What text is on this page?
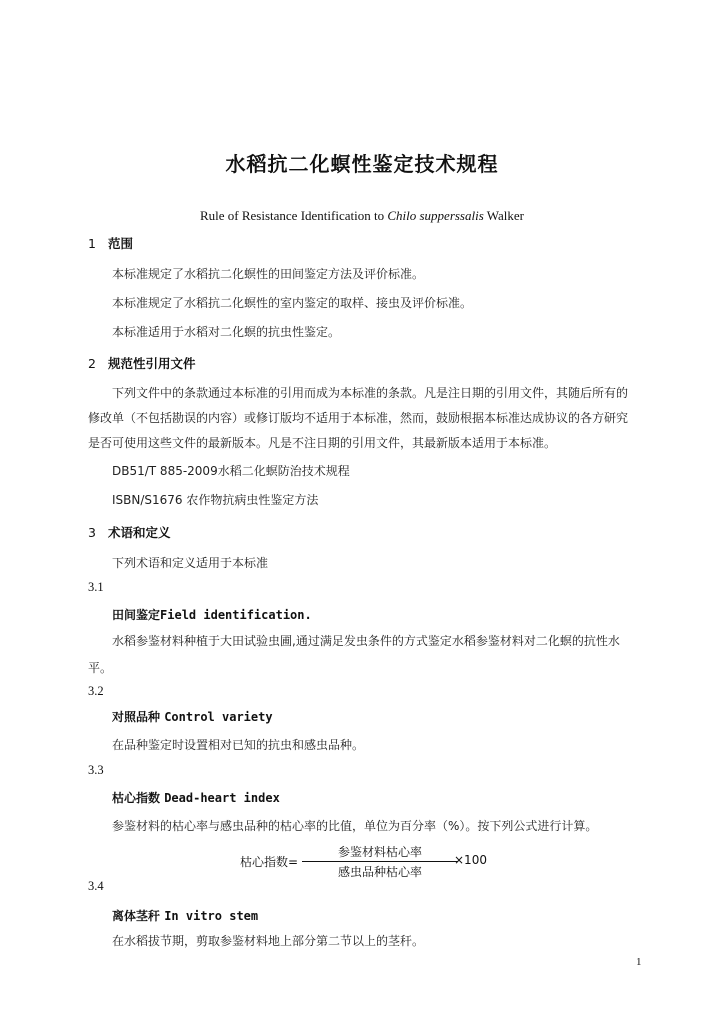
水稻抗二化螟性鉴定技术规程
Rule of Resistance Identification to Chilo supperssalis Walker
1 范围
本标准规定了水稻抗二化螟性的田间鉴定方法及评价标准。
本标准规定了水稻抗二化螟性的室内鉴定的取样、接虫及评价标准。
本标准适用于水稻对二化螟的抗虫性鉴定。
2 规范性引用文件
下列文件中的条款通过本标准的引用而成为本标准的条款。凡是注日期的引用文件，其随后所有的
修改单（不包括勘误的内容）或修订版均不适用于本标准，然而，鼓励根据本标准达成协议的各方研究
是否可使用这些文件的最新版本。凡是不注日期的引用文件，其最新版本适用于本标准。
DB51/T 885-2009水稻二化螟防治技术规程
ISBN/S1676 农作物抗病虫性鉴定方法
3 术语和定义
下列术语和定义适用于本标准
3.1
田间鉴定Field identification.
水稻参鉴材料种植于大田试验虫圃,通过满足发虫条件的方式鉴定水稻参鉴材料对二化螟的抗性水
平。
3.2
对照品种 Control variety
在品种鉴定时设置相对已知的抗虫和感虫品种。
3.3
枯心指数 Dead-heart index
参鉴材料的枯心率与感虫品种的枯心率的比值，单位为百分率（%）。按下列公式进行计算。
枯心指数=
参鉴材料枯心率
感虫品种枯心率
×100
3.4
离体茎秆 In vitro stem
在水稻拔节期，剪取参鉴材料地上部分第二节以上的茎秆。
1
